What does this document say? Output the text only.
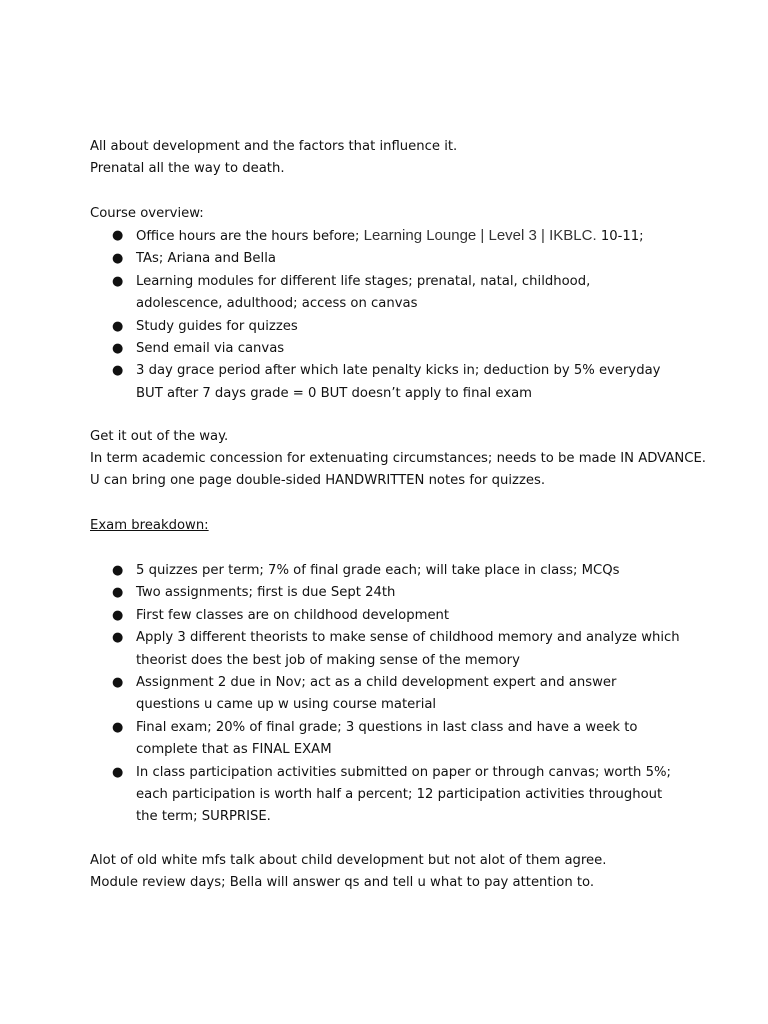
All about development and the factors that influence it.
Prenatal all the way to death.
Course overview:
● Office hours are the hours before; Learning Lounge | Level 3 | IKBLC. 10-11;
● TAs; Ariana and Bella
● Learning modules for different life stages; prenatal, natal, childhood, adolescence, adulthood; access on canvas
● Study guides for quizzes
● Send email via canvas
● 3 day grace period after which late penalty kicks in; deduction by 5% everyday BUT after 7 days grade = 0 BUT doesn’t apply to final exam
Get it out of the way.
In term academic concession for extenuating circumstances; needs to be made IN ADVANCE.
U can bring one page double-sided HANDWRITTEN notes for quizzes.
Exam breakdown:
● 5 quizzes per term; 7% of final grade each; will take place in class; MCQs
● Two assignments; first is due Sept 24th
● First few classes are on childhood development
● Apply 3 different theorists to make sense of childhood memory and analyze which theorist does the best job of making sense of the memory
● Assignment 2 due in Nov; act as a child development expert and answer questions u came up w using course material
● Final exam; 20% of final grade; 3 questions in last class and have a week to complete that as FINAL EXAM
● In class participation activities submitted on paper or through canvas; worth 5%; each participation is worth half a percent; 12 participation activities throughout the term; SURPRISE.
Alot of old white mfs talk about child development but not alot of them agree.
Module review days; Bella will answer qs and tell u what to pay attention to.
